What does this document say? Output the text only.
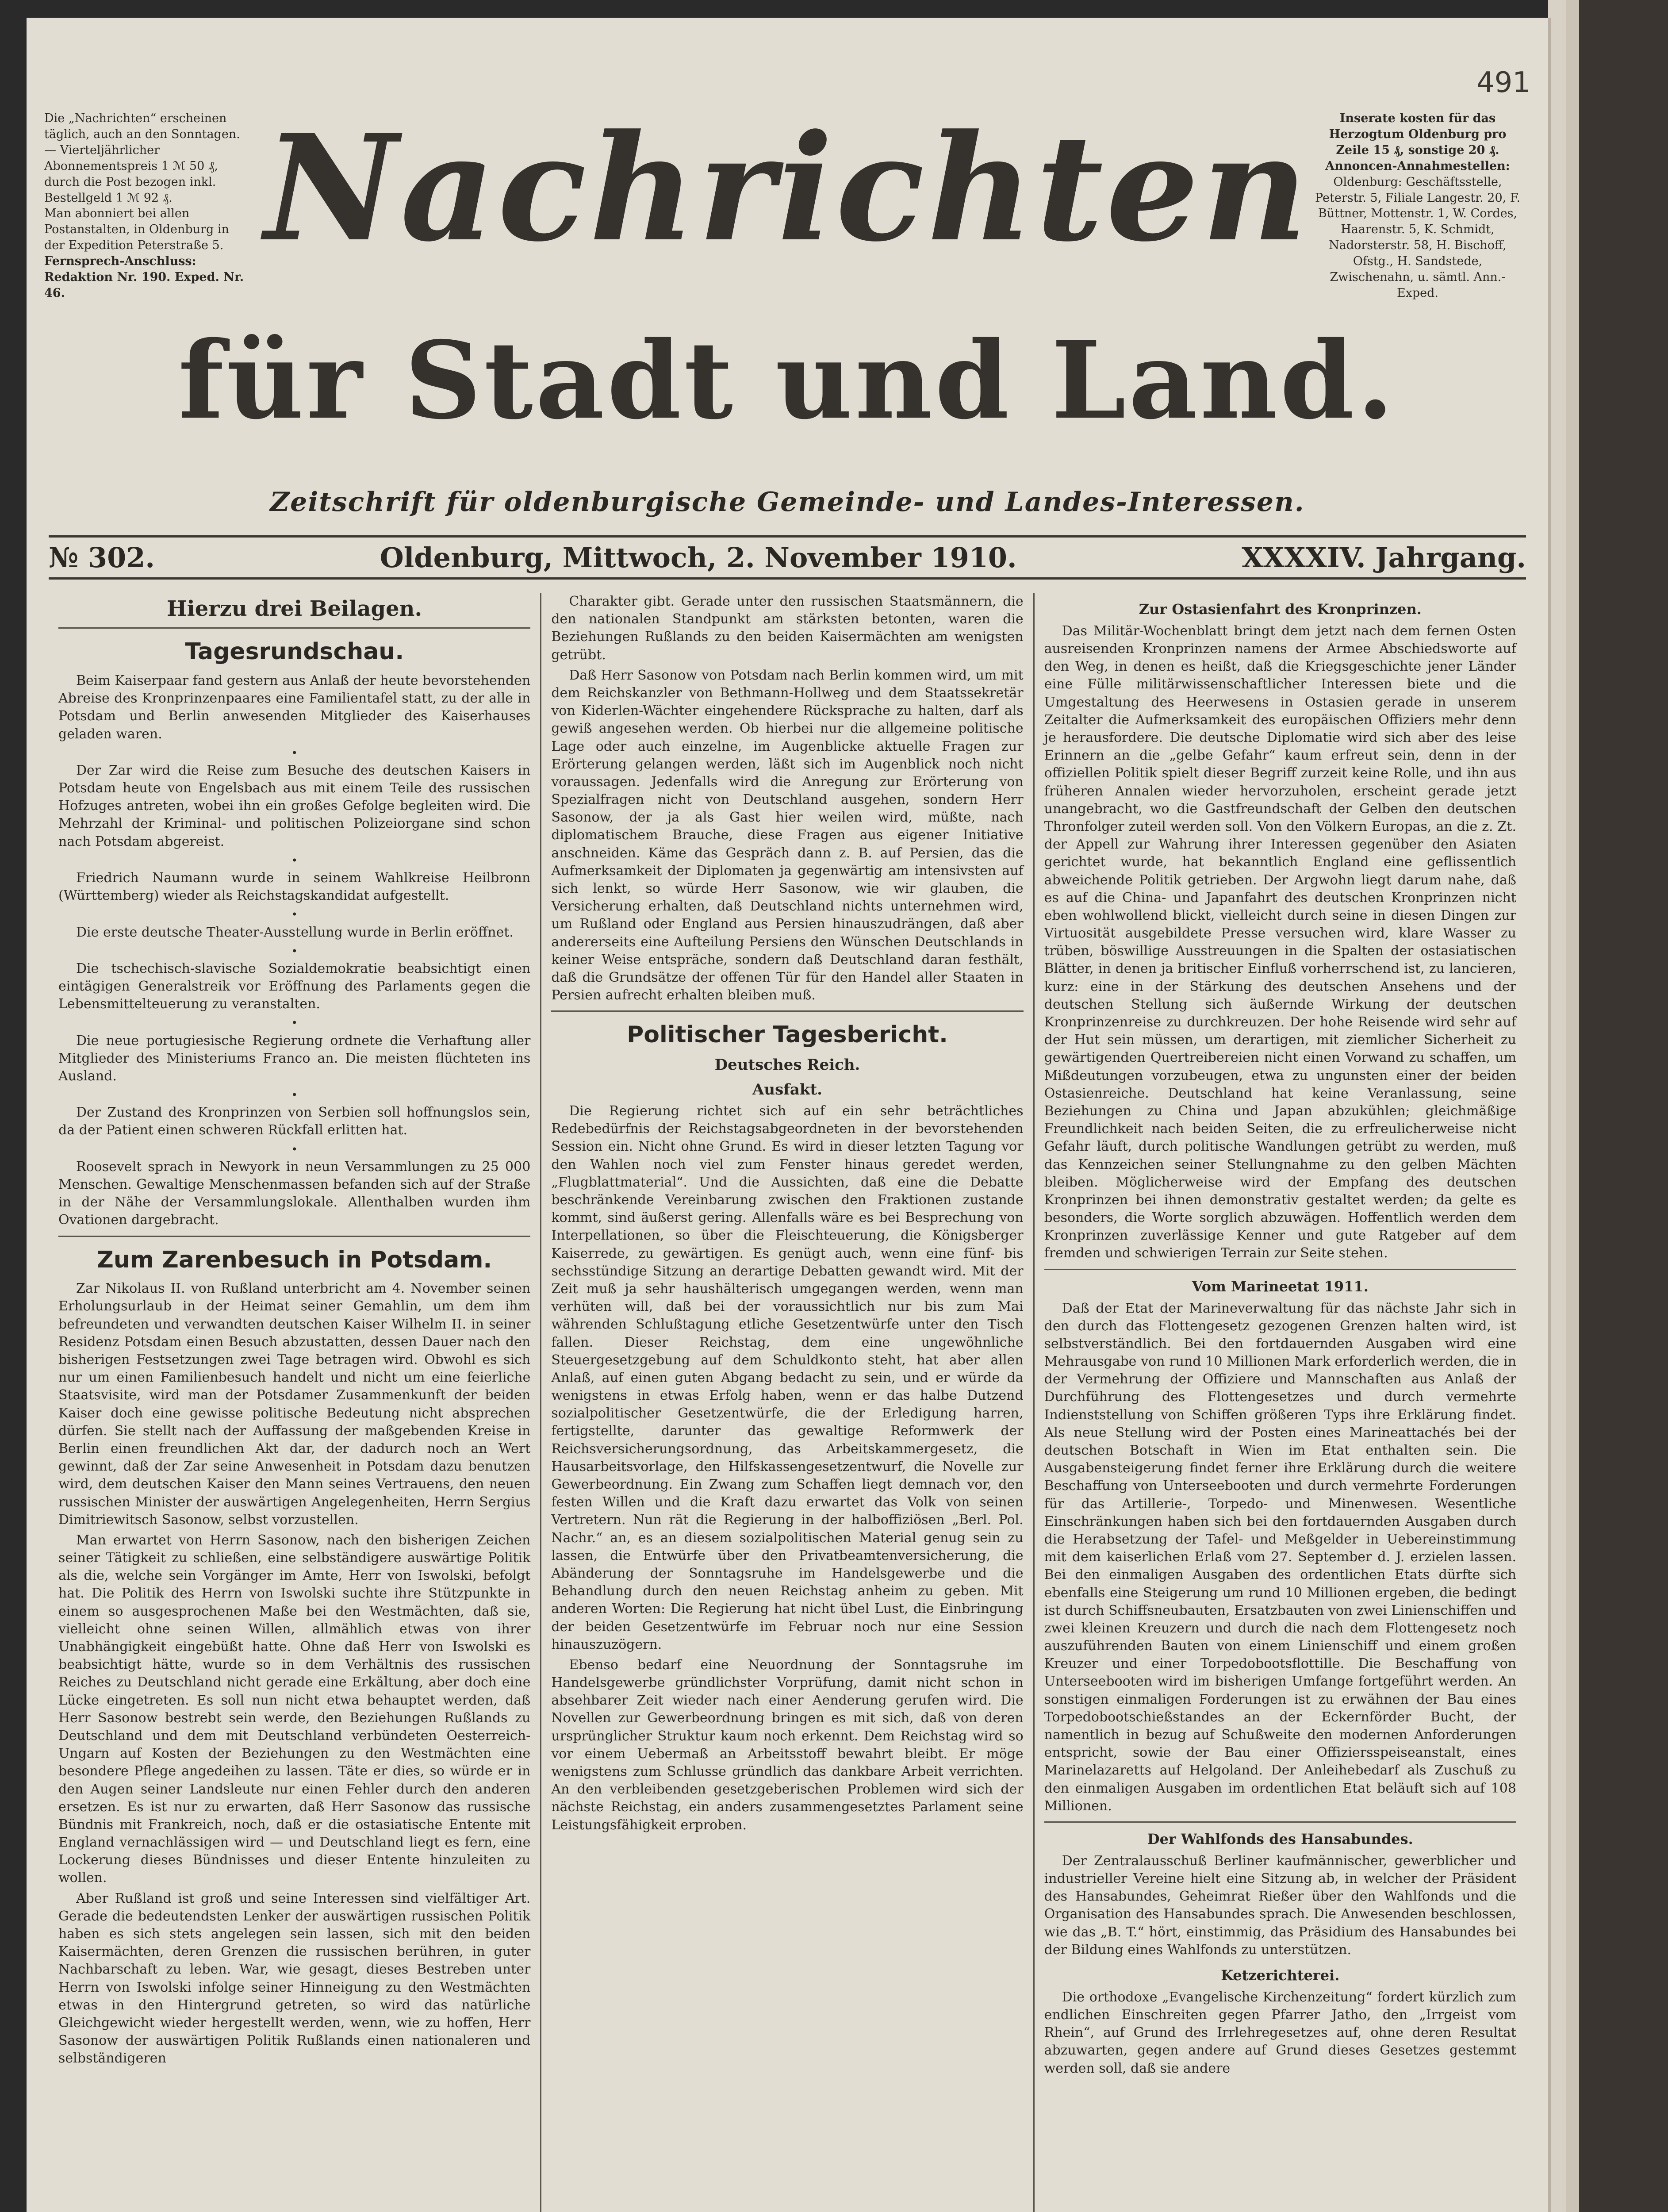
491

Die „Nachrichten“ erscheinen täglich, auch an den Sonntagen. — Vierteljährlicher Abonnementspreis 1 ℳ 50 ₰, durch die Post bezogen inkl. Bestellgeld 1 ℳ 92 ₰.

Man abonniert bei allen Postanstalten, in Oldenburg in der Expedition Peterstraße 5.

Fernsprech-Anschluss:

Redaktion Nr. 190. Exped. Nr. 46.

Nachrichten
für Stadt und Land.

Inserate kosten für das Herzogtum Oldenburg pro Zeile 15 ₰, sonstige 20 ₰.

Annoncen-Annahmestellen:

Oldenburg: Geschäftsstelle, Peterstr. 5, Filiale Langestr. 20, F. Büttner, Mottenstr. 1, W. Cordes, Haarenstr. 5, K. Schmidt, Nadorsterstr. 58, H. Bischoff, Ofstg., H. Sandstede, Zwischenahn, u. sämtl. Ann.-Exped.

Zeitschrift für oldenburgische Gemeinde- und Landes-Interessen.
№ 302.	Oldenburg, Mittwoch, 2. November 1910.	XXXXIV. Jahrgang.
Hierzu drei Beilagen.
Tagesrundschau.

Beim Kaiserpaar fand gestern aus Anlaß der heute bevorstehenden Abreise des Kronprinzenpaares eine Familientafel statt, zu der alle in Potsdam und Berlin anwesenden Mitglieder des Kaiserhauses geladen waren.

•

Der Zar wird die Reise zum Besuche des deutschen Kaisers in Potsdam heute von Engelsbach aus mit einem Teile des russischen Hofzuges antreten, wobei ihn ein großes Gefolge begleiten wird. Die Mehrzahl der Kriminal- und politischen Polizeiorgane sind schon nach Potsdam abgereist.

•

Friedrich Naumann wurde in seinem Wahlkreise Heilbronn (Württemberg) wieder als Reichstagskandidat aufgestellt.

•

Die erste deutsche Theater-Ausstellung wurde in Berlin eröffnet.

•

Die tschechisch-slavische Sozialdemokratie beabsichtigt einen eintägigen Generalstreik vor Eröffnung des Parlaments gegen die Lebensmittelteuerung zu veranstalten.

•

Die neue portugiesische Regierung ordnete die Verhaftung aller Mitglieder des Ministeriums Franco an. Die meisten flüchteten ins Ausland.

•

Der Zustand des Kronprinzen von Serbien soll hoffnungslos sein, da der Patient einen schweren Rückfall erlitten hat.

•

Roosevelt sprach in Newyork in neun Versammlungen zu 25 000 Menschen. Gewaltige Menschenmassen befanden sich auf der Straße in der Nähe der Versammlungslokale. Allenthalben wurden ihm Ovationen dargebracht.

Zum Zarenbesuch in Potsdam.

Zar Nikolaus II. von Rußland unterbricht am 4. November seinen Erholungsurlaub in der Heimat seiner Gemahlin, um dem ihm befreundeten und verwandten deutschen Kaiser Wilhelm II. in seiner Residenz Potsdam einen Besuch abzustatten, dessen Dauer nach den bisherigen Festsetzungen zwei Tage betragen wird. Obwohl es sich nur um einen Familienbesuch handelt und nicht um eine feierliche Staatsvisite, wird man der Potsdamer Zusammenkunft der beiden Kaiser doch eine gewisse politische Bedeutung nicht absprechen dürfen. Sie stellt nach der Auffassung der maßgebenden Kreise in Berlin einen freundlichen Akt dar, der dadurch noch an Wert gewinnt, daß der Zar seine Anwesenheit in Potsdam dazu benutzen wird, dem deutschen Kaiser den Mann seines Vertrauens, den neuen russischen Minister der auswärtigen Angelegenheiten, Herrn Sergius Dimitriewitsch Sasonow, selbst vorzustellen.

Man erwartet von Herrn Sasonow, nach den bisherigen Zeichen seiner Tätigkeit zu schließen, eine selbständigere auswärtige Politik als die, welche sein Vorgänger im Amte, Herr von Iswolski, befolgt hat. Die Politik des Herrn von Iswolski suchte ihre Stützpunkte in einem so ausgesprochenen Maße bei den Westmächten, daß sie, vielleicht ohne seinen Willen, allmählich etwas von ihrer Unabhängigkeit eingebüßt hatte. Ohne daß Herr von Iswolski es beabsichtigt hätte, wurde so in dem Verhältnis des russischen Reiches zu Deutschland nicht gerade eine Erkältung, aber doch eine Lücke eingetreten. Es soll nun nicht etwa behauptet werden, daß Herr Sasonow bestrebt sein werde, den Beziehungen Rußlands zu Deutschland und dem mit Deutschland verbündeten Oesterreich-Ungarn auf Kosten der Beziehungen zu den Westmächten eine besondere Pflege angedeihen zu lassen. Täte er dies, so würde er in den Augen seiner Landsleute nur einen Fehler durch den anderen ersetzen. Es ist nur zu erwarten, daß Herr Sasonow das russische Bündnis mit Frankreich, noch, daß er die ostasiatische Entente mit England vernachlässigen wird — und Deutschland liegt es fern, eine Lockerung dieses Bündnisses und dieser Entente hinzuleiten zu wollen.

Aber Rußland ist groß und seine Interessen sind vielfältiger Art. Gerade die bedeutendsten Lenker der auswärtigen russischen Politik haben es sich stets angelegen sein lassen, sich mit den beiden Kaisermächten, deren Grenzen die russischen berühren, in guter Nachbarschaft zu leben. War, wie gesagt, dieses Bestreben unter Herrn von Iswolski infolge seiner Hinneigung zu den Westmächten etwas in den Hintergrund getreten, so wird das natürliche Gleichgewicht wieder hergestellt werden, wenn, wie zu hoffen, Herr Sasonow der auswärtigen Politik Rußlands einen nationaleren und selbständigeren

Charakter gibt. Gerade unter den russischen Staatsmännern, die den nationalen Standpunkt am stärksten betonten, waren die Beziehungen Rußlands zu den beiden Kaisermächten am wenigsten getrübt.

Daß Herr Sasonow von Potsdam nach Berlin kommen wird, um mit dem Reichskanzler von Bethmann-Hollweg und dem Staatssekretär von Kiderlen-Wächter eingehendere Rücksprache zu halten, darf als gewiß angesehen werden. Ob hierbei nur die allgemeine politische Lage oder auch einzelne, im Augenblicke aktuelle Fragen zur Erörterung gelangen werden, läßt sich im Augenblick noch nicht voraussagen. Jedenfalls wird die Anregung zur Erörterung von Spezialfragen nicht von Deutschland ausgehen, sondern Herr Sasonow, der ja als Gast hier weilen wird, müßte, nach diplomatischem Brauche, diese Fragen aus eigener Initiative anschneiden. Käme das Gespräch dann z. B. auf Persien, das die Aufmerksamkeit der Diplomaten ja gegenwärtig am intensivsten auf sich lenkt, so würde Herr Sasonow, wie wir glauben, die Versicherung erhalten, daß Deutschland nichts unternehmen wird, um Rußland oder England aus Persien hinauszudrängen, daß aber andererseits eine Aufteilung Persiens den Wünschen Deutschlands in keiner Weise entspräche, sondern daß Deutschland daran festhält, daß die Grundsätze der offenen Tür für den Handel aller Staaten in Persien aufrecht erhalten bleiben muß.

Politischer Tagesbericht.
Deutsches Reich.
Ausfakt.

Die Regierung richtet sich auf ein sehr beträchtliches Redebedürfnis der Reichstagsabgeordneten in der bevorstehenden Session ein. Nicht ohne Grund. Es wird in dieser letzten Tagung vor den Wahlen noch viel zum Fenster hinaus geredet werden, „Flugblattmaterial“. Und die Aussichten, daß eine die Debatte beschränkende Vereinbarung zwischen den Fraktionen zustande kommt, sind äußerst gering. Allenfalls wäre es bei Besprechung von Interpellationen, so über die Fleischteuerung, die Königsberger Kaiserrede, zu gewärtigen. Es genügt auch, wenn eine fünf- bis sechsstündige Sitzung an derartige Debatten gewandt wird. Mit der Zeit muß ja sehr haushälterisch umgegangen werden, wenn man verhüten will, daß bei der voraussichtlich nur bis zum Mai währenden Schlußtagung etliche Gesetzentwürfe unter den Tisch fallen. Dieser Reichstag, dem eine ungewöhnliche Steuergesetzgebung auf dem Schuldkonto steht, hat aber allen Anlaß, auf einen guten Abgang bedacht zu sein, und er würde da wenigstens in etwas Erfolg haben, wenn er das halbe Dutzend sozialpolitischer Gesetzentwürfe, die der Erledigung harren, fertigstellte, darunter das gewaltige Reformwerk der Reichsversicherungsordnung, das Arbeitskammergesetz, die Hausarbeitsvorlage, den Hilfskassengesetzentwurf, die Novelle zur Gewerbeordnung. Ein Zwang zum Schaffen liegt demnach vor, den festen Willen und die Kraft dazu erwartet das Volk von seinen Vertretern. Nun rät die Regierung in der halboffiziösen „Berl. Pol. Nachr.“ an, es an diesem sozialpolitischen Material genug sein zu lassen, die Entwürfe über den Privatbeamtenversicherung, die Abänderung der Sonntagsruhe im Handelsgewerbe und die Behandlung durch den neuen Reichstag anheim zu geben. Mit anderen Worten: Die Regierung hat nicht übel Lust, die Einbringung der beiden Gesetzentwürfe im Februar noch nur eine Session hinauszuzögern.

Ebenso bedarf eine Neuordnung der Sonntagsruhe im Handelsgewerbe gründlichster Vorprüfung, damit nicht schon in absehbarer Zeit wieder nach einer Aenderung gerufen wird. Die Novellen zur Gewerbeordnung bringen es mit sich, daß von deren ursprünglicher Struktur kaum noch erkennt. Dem Reichstag wird so vor einem Uebermaß an Arbeitsstoff bewahrt bleibt. Er möge wenigstens zum Schlusse gründlich das dankbare Arbeit verrichten. An den verbleibenden gesetzgeberischen Problemen wird sich der nächste Reichstag, ein anders zusammengesetztes Parlament seine Leistungsfähigkeit erproben.

Zur Ostasienfahrt des Kronprinzen.

Das Militär-Wochenblatt bringt dem jetzt nach dem fernen Osten ausreisenden Kronprinzen namens der Armee Abschiedsworte auf den Weg, in denen es heißt, daß die Kriegsgeschichte jener Länder eine Fülle militärwissenschaftlicher Interessen biete und die Umgestaltung des Heerwesens in Ostasien gerade in unserem Zeitalter die Aufmerksamkeit des europäischen Offiziers mehr denn je herausfordere. Die deutsche Diplomatie wird sich aber des leise Erinnern an die „gelbe Gefahr“ kaum erfreut sein, denn in der offiziellen Politik spielt dieser Begriff zurzeit keine Rolle, und ihn aus früheren Annalen wieder hervorzuholen, erscheint gerade jetzt unangebracht, wo die Gastfreundschaft der Gelben den deutschen Thronfolger zuteil werden soll. Von den Völkern Europas, an die z. Zt. der Appell zur Wahrung ihrer Interessen gegenüber den Asiaten gerichtet wurde, hat bekanntlich England eine geflissentlich abweichende Politik getrieben. Der Argwohn liegt darum nahe, daß es auf die China- und Japanfahrt des deutschen Kronprinzen nicht eben wohlwollend blickt, vielleicht durch seine in diesen Dingen zur Virtuosität ausgebildete Presse versuchen wird, klare Wasser zu trüben, böswillige Ausstreuungen in die Spalten der ostasiatischen Blätter, in denen ja britischer Einfluß vorherrschend ist, zu lancieren, kurz: eine in der Stärkung des deutschen Ansehens und der deutschen Stellung sich äußernde Wirkung der deutschen Kronprinzenreise zu durchkreuzen. Der hohe Reisende wird sehr auf der Hut sein müssen, um derartigen, mit ziemlicher Sicherheit zu gewärtigenden Quertreibereien nicht einen Vorwand zu schaffen, um Mißdeutungen vorzubeugen, etwa zu ungunsten einer der beiden Ostasienreiche. Deutschland hat keine Veranlassung, seine Beziehungen zu China und Japan abzukühlen; gleichmäßige Freundlichkeit nach beiden Seiten, die zu erfreulicherweise nicht Gefahr läuft, durch politische Wandlungen getrübt zu werden, muß das Kennzeichen seiner Stellungnahme zu den gelben Mächten bleiben. Möglicherweise wird der Empfang des deutschen Kronprinzen bei ihnen demonstrativ gestaltet werden; da gelte es besonders, die Worte sorglich abzuwägen. Hoffentlich werden dem Kronprinzen zuverlässige Kenner und gute Ratgeber auf dem fremden und schwierigen Terrain zur Seite stehen.

Vom Marineetat 1911.

Daß der Etat der Marineverwaltung für das nächste Jahr sich in den durch das Flottengesetz gezogenen Grenzen halten wird, ist selbstverständlich. Bei den fortdauernden Ausgaben wird eine Mehrausgabe von rund 10 Millionen Mark erforderlich werden, die in der Vermehrung der Offiziere und Mannschaften aus Anlaß der Durchführung des Flottengesetzes und durch vermehrte Indienststellung von Schiffen größeren Typs ihre Erklärung findet. Als neue Stellung wird der Posten eines Marineattachés bei der deutschen Botschaft in Wien im Etat enthalten sein. Die Ausgabensteigerung findet ferner ihre Erklärung durch die weitere Beschaffung von Unterseebooten und durch vermehrte Forderungen für das Artillerie-, Torpedo- und Minenwesen. Wesentliche Einschränkungen haben sich bei den fortdauernden Ausgaben durch die Herabsetzung der Tafel- und Meßgelder in Uebereinstimmung mit dem kaiserlichen Erlaß vom 27. September d. J. erzielen lassen. Bei den einmaligen Ausgaben des ordentlichen Etats dürfte sich ebenfalls eine Steigerung um rund 10 Millionen ergeben, die bedingt ist durch Schiffsneubauten, Ersatzbauten von zwei Linienschiffen und zwei kleinen Kreuzern und durch die nach dem Flottengesetz noch auszuführenden Bauten von einem Linienschiff und einem großen Kreuzer und einer Torpedobootsflottille. Die Beschaffung von Unterseebooten wird im bisherigen Umfange fortgeführt werden. An sonstigen einmaligen Forderungen ist zu erwähnen der Bau eines Torpedobootschießstandes an der Eckernförder Bucht, der namentlich in bezug auf Schußweite den modernen Anforderungen entspricht, sowie der Bau einer Offiziersspeiseanstalt, eines Marinelazaretts auf Helgoland. Der Anleihebedarf als Zuschuß zu den einmaligen Ausgaben im ordentlichen Etat beläuft sich auf 108 Millionen.

Der Wahlfonds des Hansabundes.

Der Zentralausschuß Berliner kaufmännischer, gewerblicher und industrieller Vereine hielt eine Sitzung ab, in welcher der Präsident des Hansabundes, Geheimrat Rießer über den Wahlfonds und die Organisation des Hansabundes sprach. Die Anwesenden beschlossen, wie das „B. T.“ hört, einstimmig, das Präsidium des Hansabundes bei der Bildung eines Wahlfonds zu unterstützen.

Ketzerichterei.

Die orthodoxe „Evangelische Kirchenzeitung“ fordert kürzlich zum endlichen Einschreiten gegen Pfarrer Jatho, den „Irrgeist vom Rhein“, auf Grund des Irrlehregesetzes auf, ohne deren Resultat abzuwarten, gegen andere auf Grund dieses Gesetzes gestemmt werden soll, daß sie andere
